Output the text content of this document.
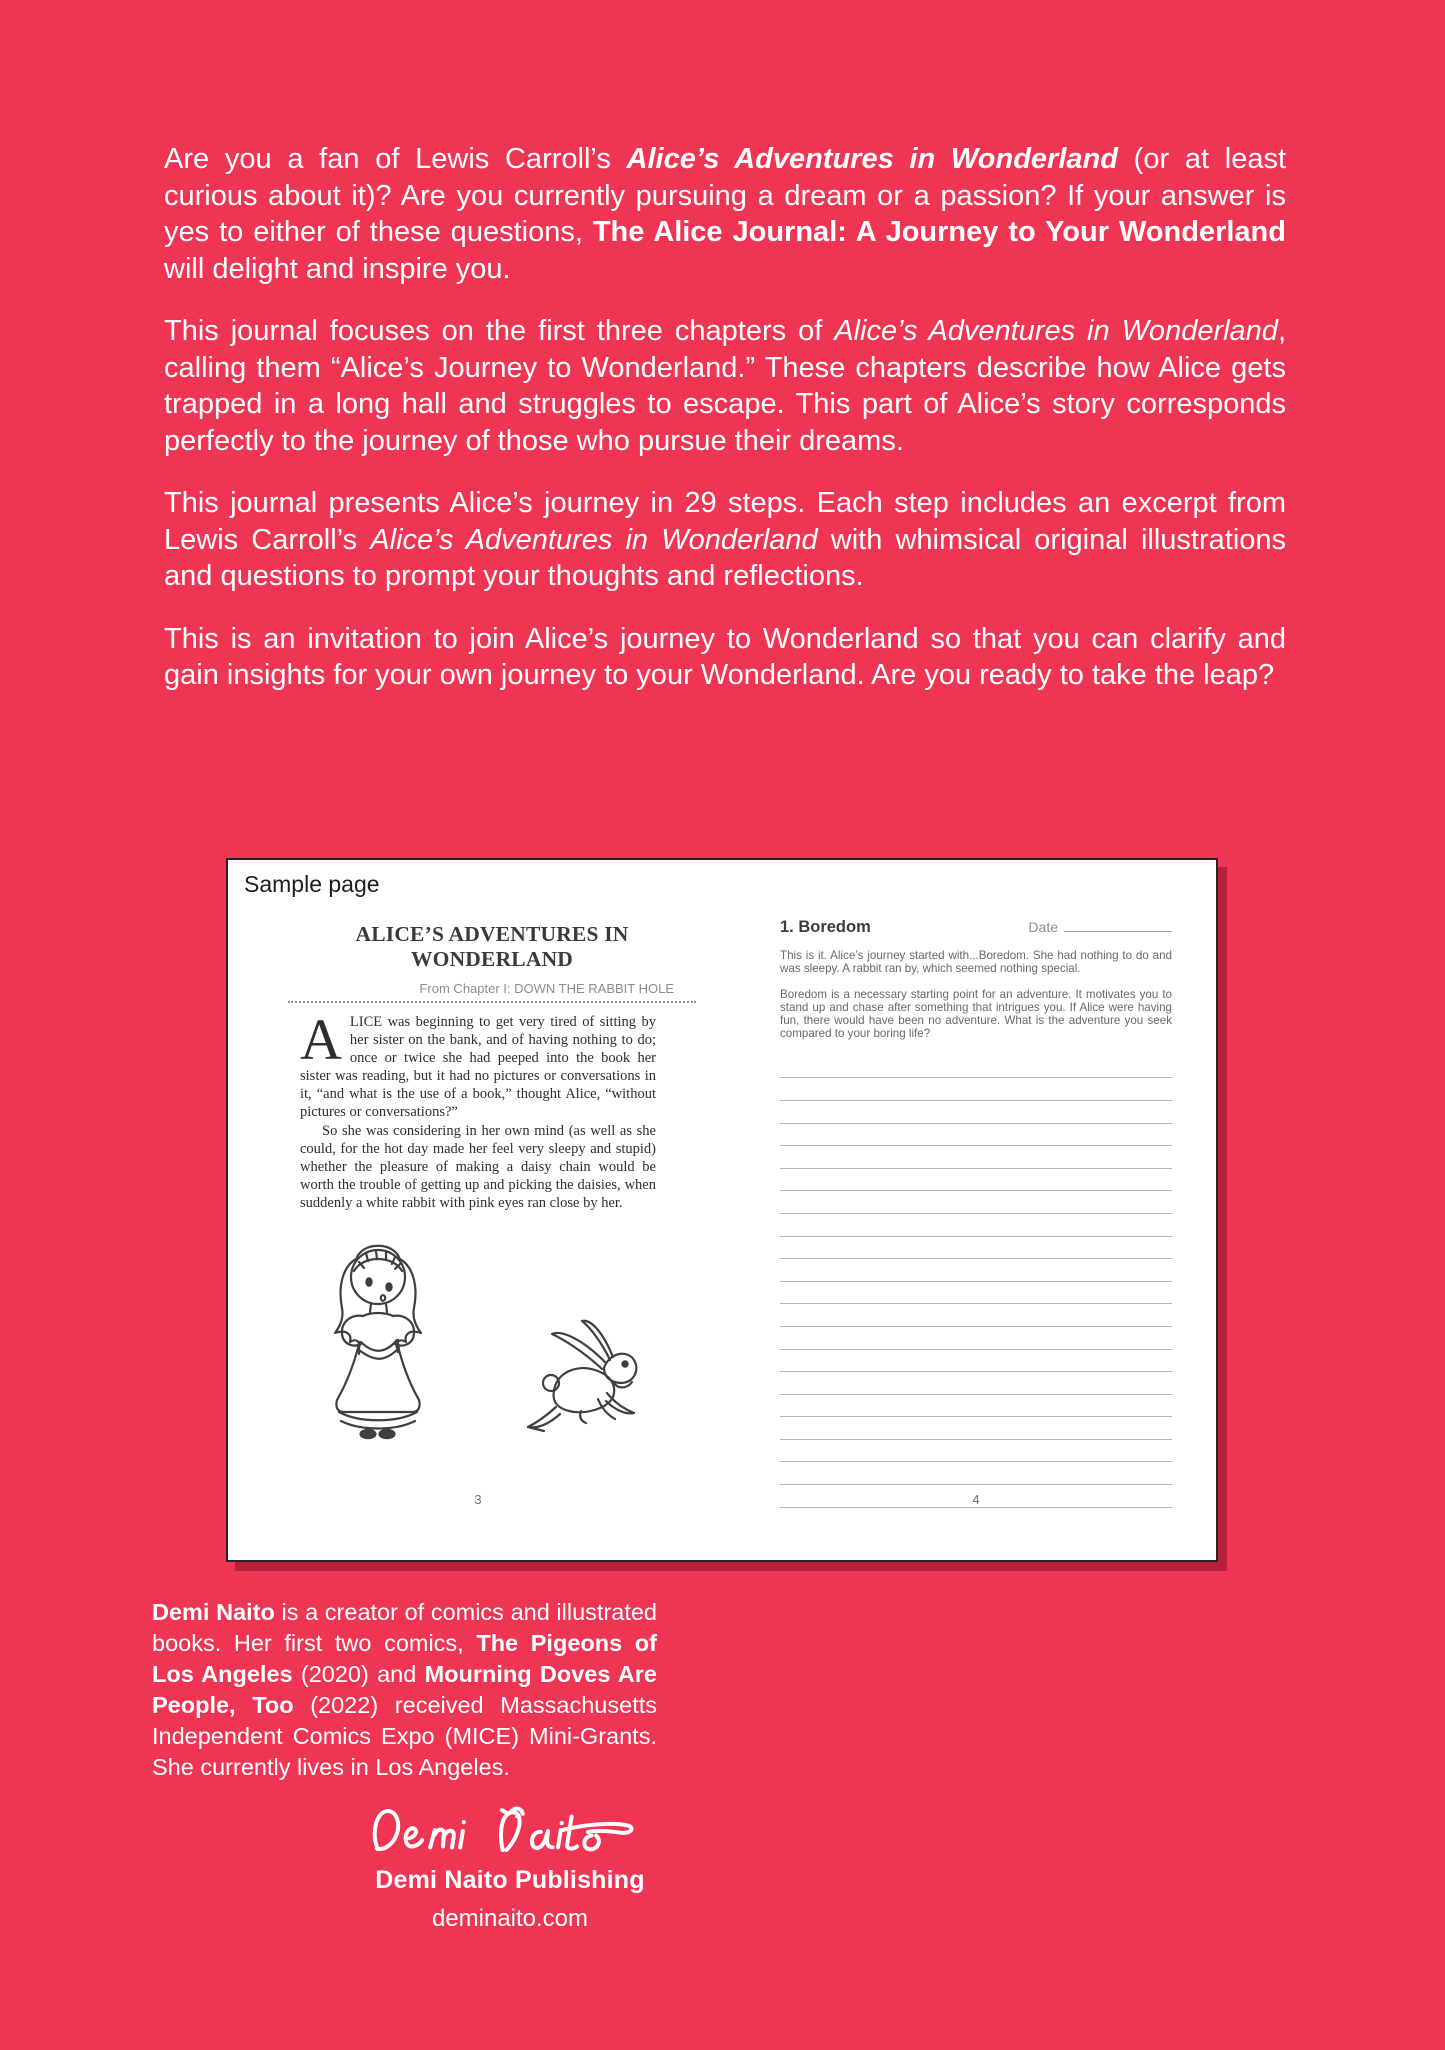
Are you a fan of Lewis Carroll’s Alice’s Adventures in Wonderland (or at least curious about it)? Are you currently pursuing a dream or a passion? If your answer is yes to either of these questions, The Alice Journal: A Journey to Your Wonderland will delight and inspire you.

This journal focuses on the first three chapters of Alice’s Adventures in Wonderland, calling them “Alice’s Journey to Wonderland.” These chapters describe how Alice gets trapped in a long hall and struggles to escape. This part of Alice’s story corresponds perfectly to the journey of those who pursue their dreams.

This journal presents Alice’s journey in 29 steps. Each step includes an excerpt from Lewis Carroll’s Alice’s Adventures in Wonderland with whimsical original illustrations and questions to prompt your thoughts and reflections.

This is an invitation to join Alice’s journey to Wonderland so that you can clarify and gain insights for your own journey to your Wonderland. Are you ready to take the leap?

Sample page
ALICE’S ADVENTURES IN WONDERLAND
From Chapter I: DOWN THE RABBIT HOLE
ALICE was beginning to get very tired of sitting by her sister on the bank, and of having nothing to do; once or twice she had peeped into the book her sister was reading, but it had no pictures or conversations in it, “and what is the use of a book,” thought Alice, “without pictures or conversations?”
So she was considering in her own mind (as well as she could, for the hot day made her feel very sleepy and stupid) whether the pleasure of making a daisy chain would be worth the trouble of getting up and picking the daisies, when suddenly a white rabbit with pink eyes ran close by her.
3
1. Boredom	Date

This is it. Alice’s journey started with...Boredom. She had nothing to do and was sleepy. A rabbit ran by, which seemed nothing special.

Boredom is a necessary starting point for an adventure. It motivates you to stand up and chase after something that intrigues you. If Alice were having fun, there would have been no adventure. What is the adventure you seek compared to your boring life?

4
Demi Naito is a creator of comics and illustrated books. Her first two comics, The Pigeons of Los Angeles (2020) and Mourning Doves Are People, Too (2022) received Massachusetts Independent Comics Expo (MICE) Mini-Grants. She currently lives in Los Angeles.
Demi Naito Publishing
deminaito.com
